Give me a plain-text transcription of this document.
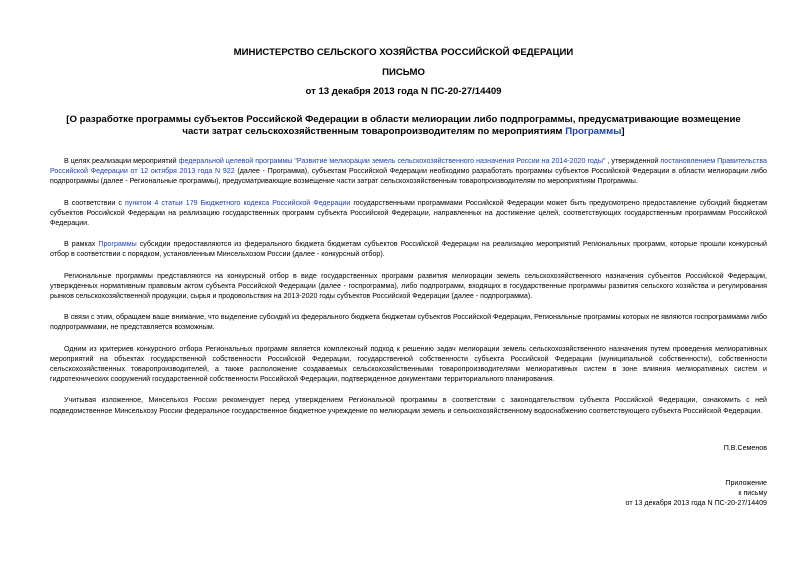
МИНИСТЕРСТВО СЕЛЬСКОГО ХОЗЯЙСТВА РОССИЙСКОЙ ФЕДЕРАЦИИ
ПИСЬМО
от 13 декабря 2013 года N ПС-20-27/14409
[О разработке программы субъектов Российской Федерации в области мелиорации либо подпрограммы, предусматривающие возмещение части затрат сельскохозяйственным товаропроизводителям по мероприятиям Программы]

В целях реализации мероприятий федеральной целевой программы "Развитие мелиорации земель сельскохозяйственного назначения России на 2014-2020 годы" , утвержденной постановлением Правительства Российской Федерации от 12 октября 2013 года N 922 (далее - Программа), субъектам Российской Федерации необходимо разработать программы субъектов Российской Федерации в области мелиорации либо подпрограммы (далее - Региональные программы), предусматривающие возмещение части затрат сельскохозяйственным товаропроизводителям по мероприятиям Программы.

В соответствии с пунктом 4 статьи 179 Бюджетного кодекса Российской Федерации государственными программами Российской Федерации может быть предусмотрено предоставление субсидий бюджетам субъектов Российской Федерации на реализацию государственных программ субъекта Российской Федерации, направленных на достижение целей, соответствующих государственным программам Российской Федерации.

В рамках Программы субсидии предоставляются из федерального бюджета бюджетам субъектов Российской Федерации на реализацию мероприятий Региональных программ, которые прошли конкурсный отбор в соответствии с порядком, установленным Минсельхозом России (далее - конкурсный отбор).

Региональные программы представляются на конкурсный отбор в виде государственных программ развития мелиорации земель сельскохозяйственного назначения субъектов Российской Федерации, утвержденных нормативным правовым актом субъекта Российской Федерации (далее - госпрограмма), либо подпрограмм, входящих в государственные программы развития сельского хозяйства и регулирования рынков сельскохозяйственной продукции, сырья и продовольствия на 2013-2020 годы субъектов Российской Федерации (далее - подпрограмма).

В связи с этим, обращаем ваше внимание, что выделение субсидий из федерального бюджета бюджетам субъектов Российской Федерации, Региональные программы которых не являются госпрограммами либо подпрограммами, не представляется возможным.

Одним из критериев конкурсного отбора Региональных программ является комплексный подход к решению задач мелиорации земель сельскохозяйственного назначения путем проведения мелиоративных мероприятий на объектах государственной собственности Российской Федерации, государственной собственности субъекта Российской Федерации (муниципальной собственности), собственности сельскохозяйственных товаропроизводителей, а также расположение создаваемых сельскохозяйственными товаропроизводителями мелиоративных систем в зоне влияния мелиоративных систем и гидротехнических сооружений государственной собственности Российской Федерации, подтвержденное документами территориального планирования.

Учитывая изложенное, Минсельхоз России рекомендует перед утверждением Региональной программы в соответствии с законодательством субъекта Российской Федерации, ознакомить с ней подведомственное Минсельхозу России федеральное государственное бюджетное учреждение по мелиорации земель и сельскохозяйственному водоснабжению соответствующего субъекта Российской Федерации.

П.В.Семенов
Приложение
к письму
от 13 декабря 2013 года N ПС-20-27/14409
